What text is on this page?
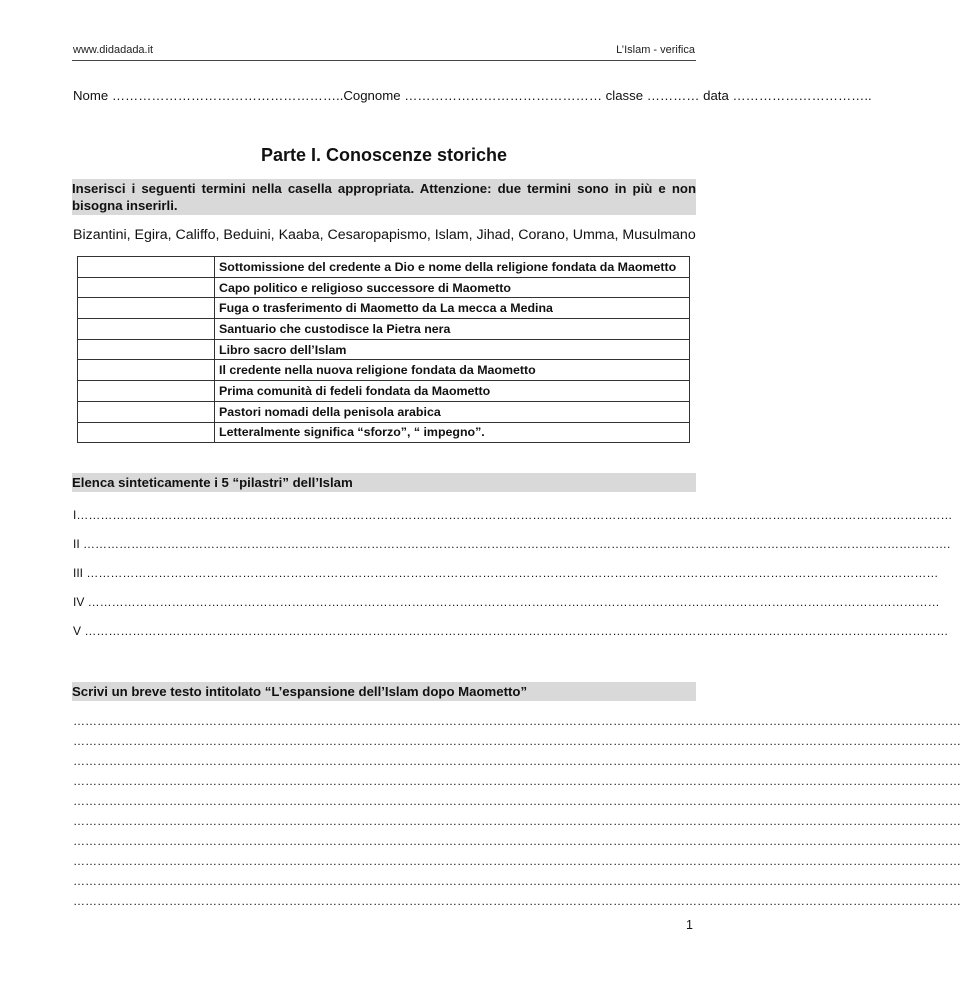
www.didadada.it	L’Islam - verifica
Nome ……………………………………………..Cognome ……………………………………… classe ………… data …………………………..
Parte I. Conoscenze storiche
Inserisci i seguenti termini nella casella appropriata. Attenzione: due termini sono in più e non bisogna inserirli.
Bizantini, Egira, Califfo, Beduini, Kaaba, Cesaropapismo, Islam, Jihad, Corano, Umma, Musulmano
	Sottomissione del credente a Dio e nome della religione fondata da Maometto
	Capo politico e religioso successore di Maometto
	Fuga o trasferimento di Maometto da La mecca a Medina
	Santuario che custodisce la Pietra nera
	Libro sacro dell’Islam
	Il credente nella nuova religione fondata da Maometto
	Prima comunità di fedeli fondata da Maometto
	Pastori nomadi della penisola arabica
	Letteralmente significa “sforzo”, “ impegno”.
Elenca sinteticamente i 5 “pilastri” dell’Islam
I…………………………………………………………………………………………………………………………………………………………………………………………………
II ……………………………………………………………………………………………………………………………………………………………………………………………….
III ……………………………………………………………………………………………………………………………………………………………………………………………
IV ……………………………………………………………………………………………………………………………………………………………………………………………
V ………………………………………………………………………………………………………………………………………………………………………………………………
Scrivi un breve testo intitolato “L’espansione dell’Islam dopo Maometto”
……………………………………………………………………………………………………………………………………………………………………………………………………
……………………………………………………………………………………………………………………………………………………………………………………………………
……………………………………………………………………………………………………………………………………………………………………………………………………
……………………………………………………………………………………………………………………………………………………………………………………………………
……………………………………………………………………………………………………………………………………………………………………………………………………
……………………………………………………………………………………………………………………………………………………………………………………………………
……………………………………………………………………………………………………………………………………………………………………………………………………
……………………………………………………………………………………………………………………………………………………………………………………………………
……………………………………………………………………………………………………………………………………………………………………………………………………
……………………………………………………………………………………………………………………………………………………………………………………………………
1
